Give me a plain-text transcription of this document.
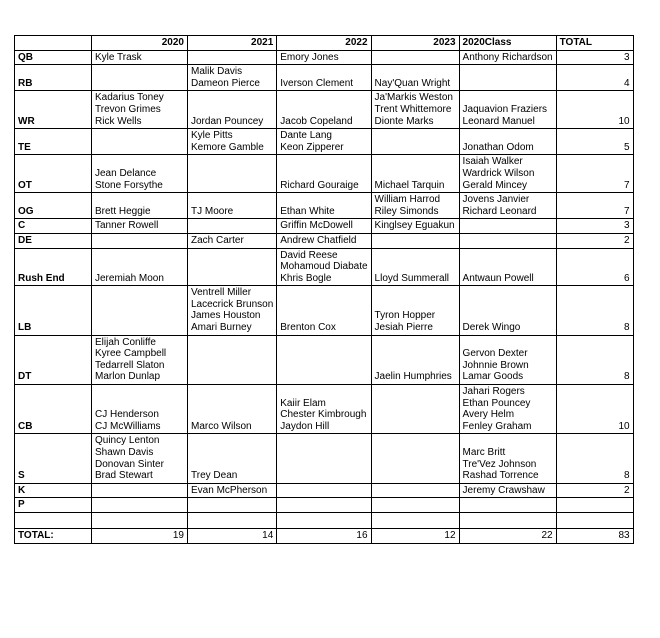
	2020	2021	2022	2023	2020Class	TOTAL
QB	Kyle Trask		Emory Jones		Anthony Richardson	3
RB		Malik Davis
Dameon Pierce	Iverson Clement	Nay'Quan Wright		4
WR	Kadarius Toney
Trevon Grimes
Rick Wells	Jordan Pouncey	Jacob Copeland	Ja'Markis Weston
Trent Whittemore
Dionte Marks	Jaquavion Fraziers
Leonard Manuel	10
TE		Kyle Pitts
Kemore Gamble	Dante Lang
Keon Zipperer		Jonathan Odom	5
OT	Jean Delance
Stone Forsythe		Richard Gouraige	Michael Tarquin	Isaiah Walker
Wardrick Wilson
Gerald Mincey	7
OG	Brett Heggie	TJ Moore	Ethan White	William Harrod
Riley Simonds	Jovens Janvier
Richard Leonard	7
C	Tanner Rowell		Griffin McDowell	Kinglsey Eguakun		3
DE		Zach Carter	Andrew Chatfield			2
Rush End	Jeremiah Moon		David Reese
Mohamoud Diabate
Khris Bogle	Lloyd Summerall	Antwaun Powell	6
LB		Ventrell Miller
Lacecrick Brunson
James Houston
Amari Burney	Brenton Cox	Tyron Hopper
Jesiah Pierre	Derek Wingo	8
DT	Elijah Conliffe
Kyree Campbell
Tedarrell Slaton
Marlon Dunlap			Jaelin Humphries	Gervon Dexter
Johnnie Brown
Lamar Goods	8
CB	CJ Henderson
CJ McWilliams	Marco Wilson	Kaiir Elam
Chester Kimbrough
Jaydon Hill		Jahari Rogers
Ethan Pouncey
Avery Helm
Fenley Graham	10
S	Quincy Lenton
Shawn Davis
Donovan Sinter
Brad Stewart	Trey Dean			Marc Britt
Tre'Vez Johnson
Rashad Torrence	8
K		Evan McPherson			Jeremy Crawshaw	2
P						

TOTAL:	19	14	16	12	22	83
